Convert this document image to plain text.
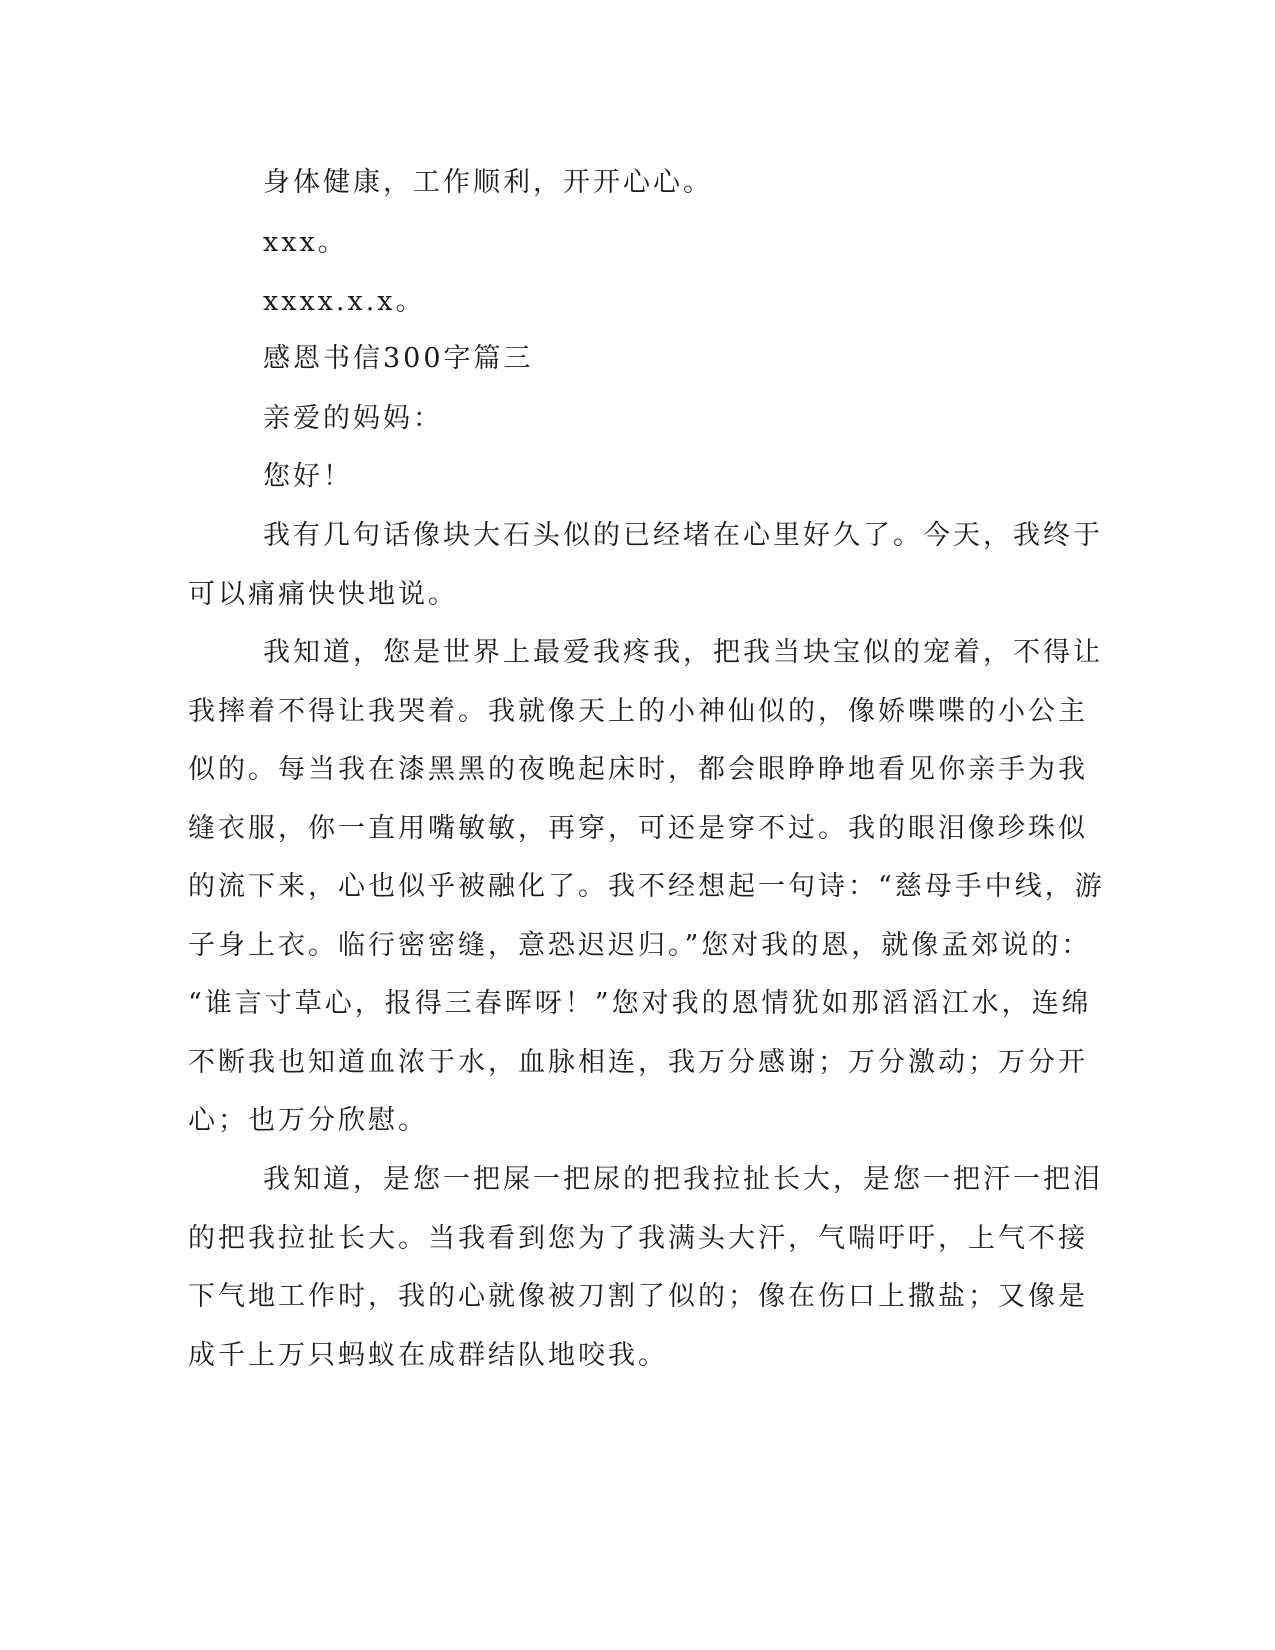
身体健康，工作顺利，开开心心。
xxx。
xxxx.x.x。
感恩书信300字篇三
亲爱的妈妈：
您好！
我有几句话像块大石头似的已经堵在心里好久了。今天，我终于
可以痛痛快快地说。
我知道，您是世界上最爱我疼我，把我当块宝似的宠着，不得让
我摔着不得让我哭着。我就像天上的小神仙似的，像娇喋喋的小公主
似的。每当我在漆黑黑的夜晚起床时，都会眼睁睁地看见你亲手为我
缝衣服，你一直用嘴敏敏，再穿，可还是穿不过。我的眼泪像珍珠似
的流下来，心也似乎被融化了。我不经想起一句诗：“慈母手中线，游
子身上衣。临行密密缝，意恐迟迟归。”您对我的恩，就像孟郊说的：
“谁言寸草心，报得三春晖呀！”您对我的恩情犹如那滔滔江水，连绵
不断我也知道血浓于水，血脉相连，我万分感谢；万分激动；万分开
心；也万分欣慰。
我知道，是您一把屎一把尿的把我拉扯长大，是您一把汗一把泪
的把我拉扯长大。当我看到您为了我满头大汗，气喘吁吁，上气不接
下气地工作时，我的心就像被刀割了似的；像在伤口上撒盐；又像是
成千上万只蚂蚁在成群结队地咬我。
